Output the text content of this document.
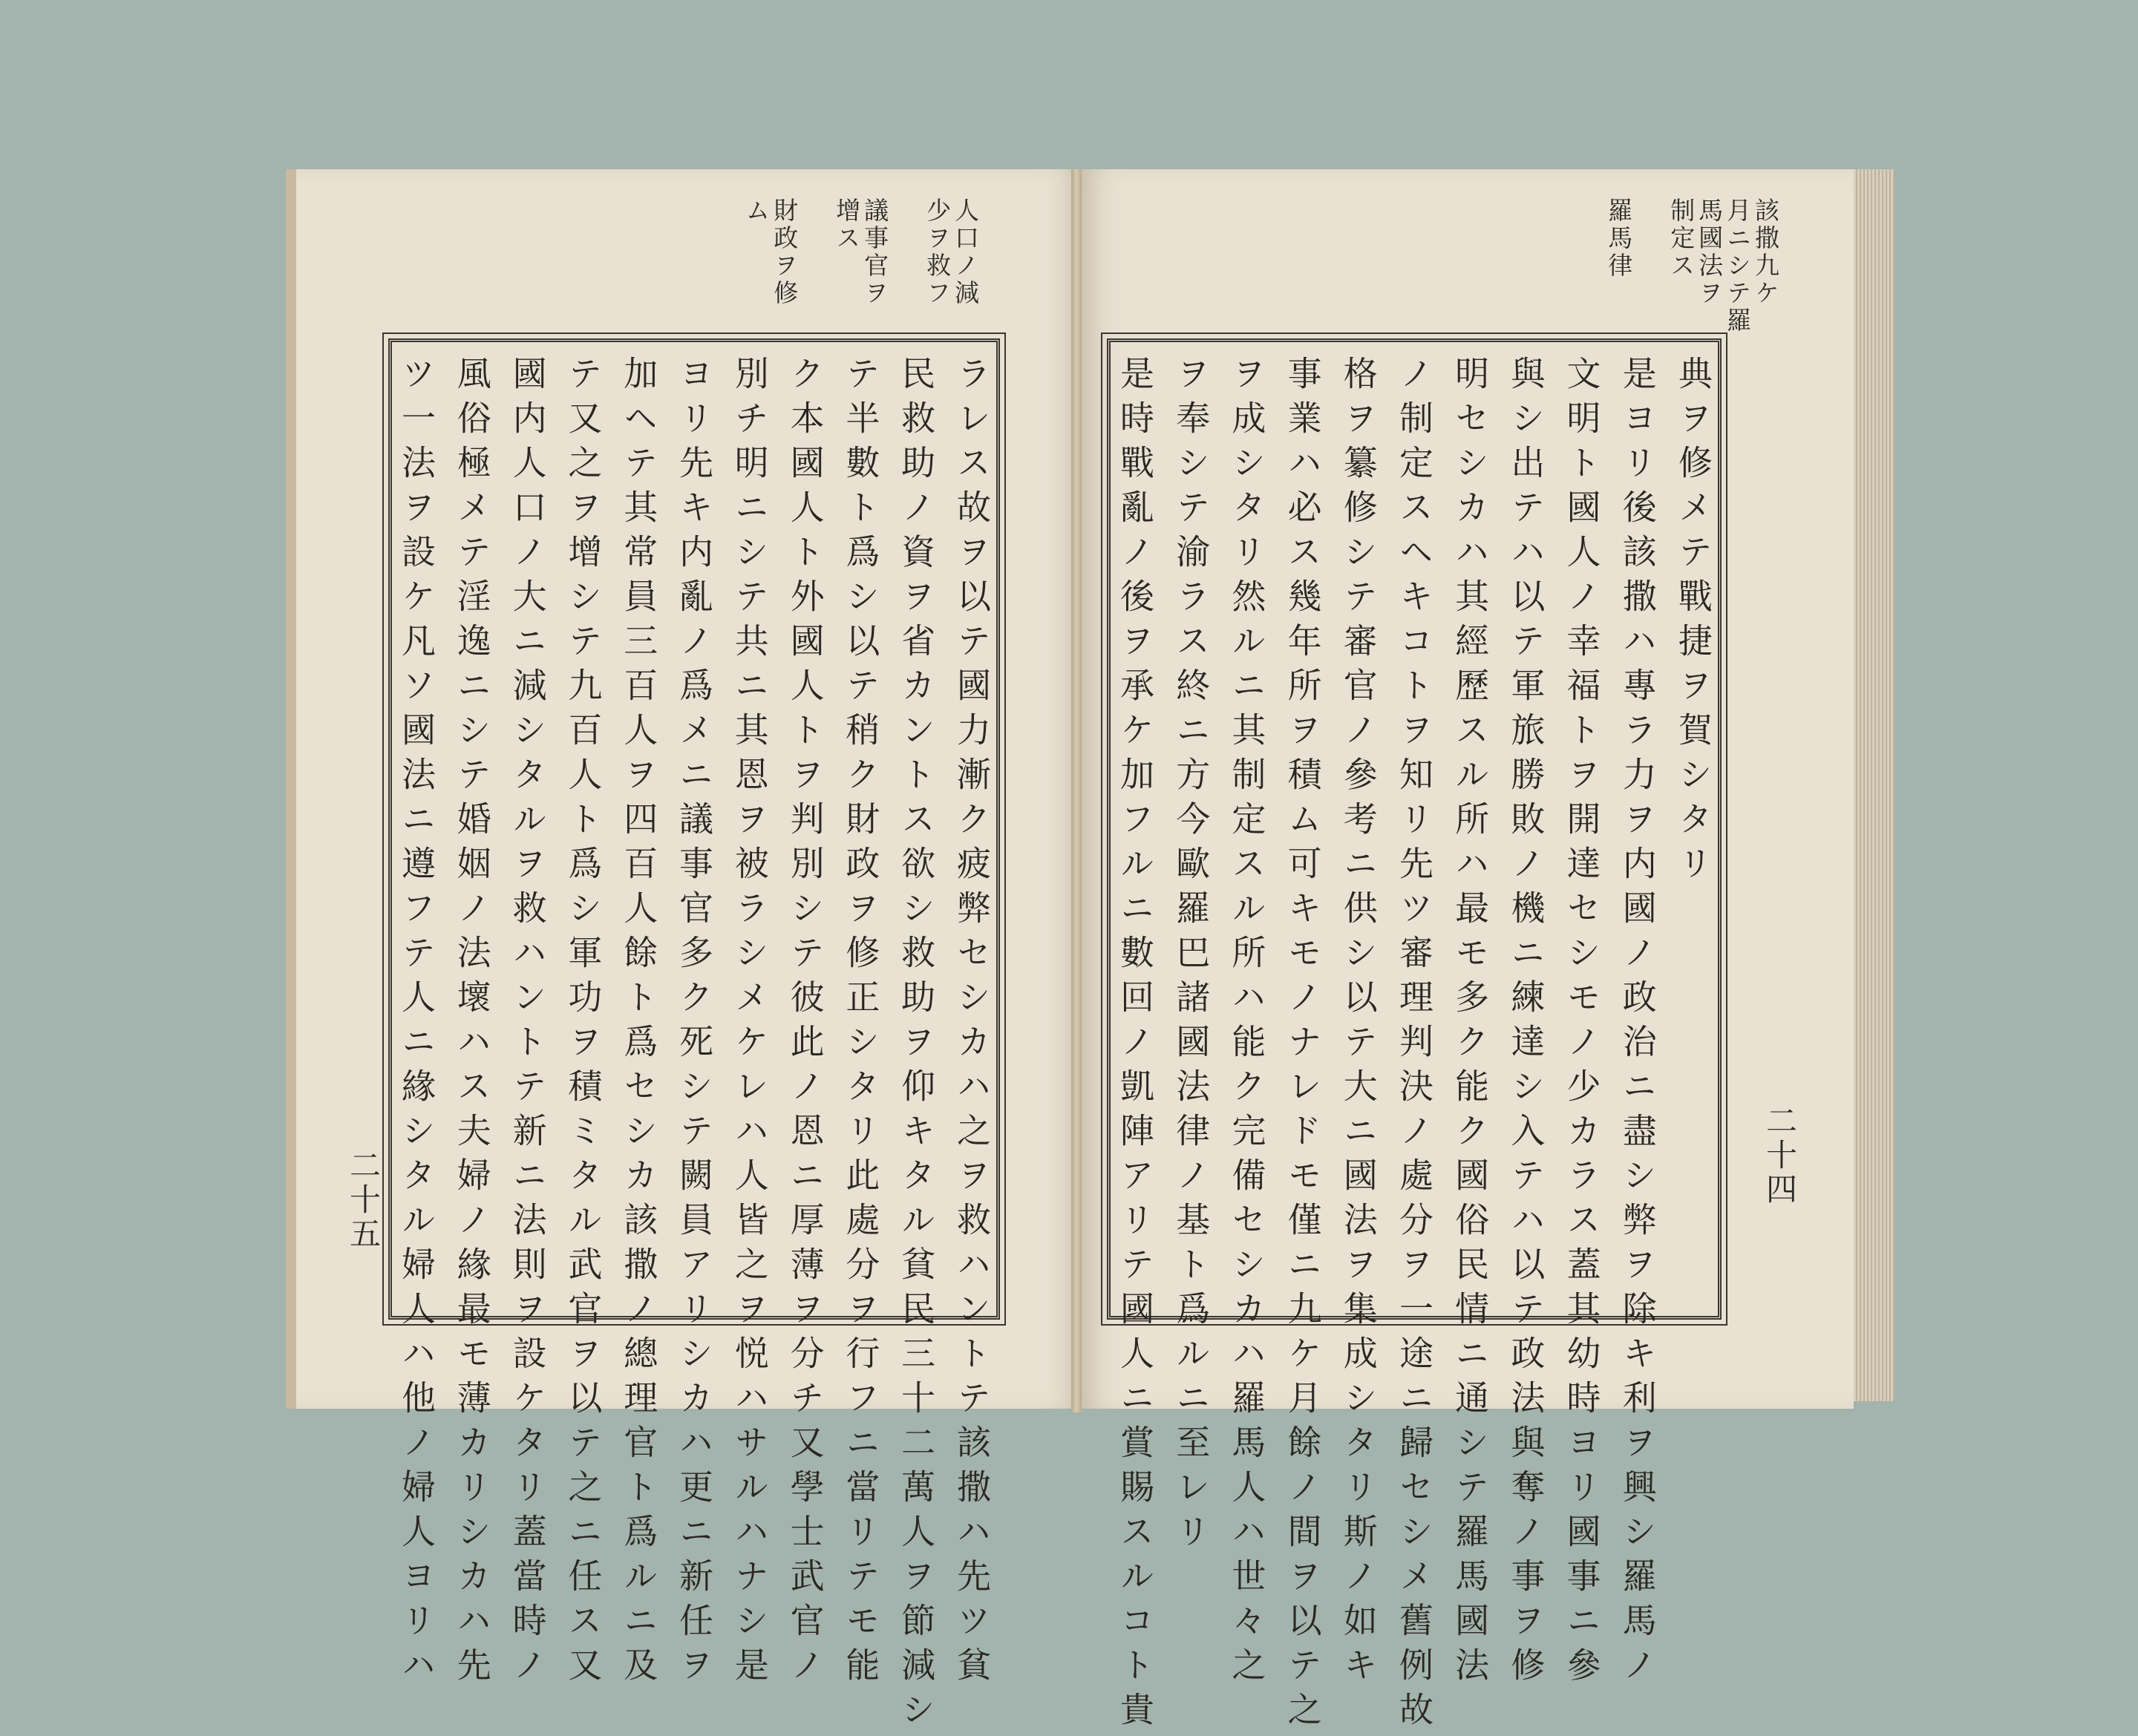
人口ノ減
少ヲ救フ
議事官ヲ
增ス
財政ヲ修
ム
ラレス故ヲ以テ國力漸ク疲弊セシカハ之ヲ救ハントテ該撒ハ先ツ貧
民救助ノ資ヲ省カントス欲シ救助ヲ仰キタル貧民三十二萬人ヲ節減シ
テ半數ト爲シ以テ稍ク財政ヲ修正シタリ此處分ヲ行フニ當リテモ能
ク本國人ト外國人トヲ判別シテ彼此ノ恩ニ厚薄ヲ分チ又學士武官ノ
別チ明ニシテ共ニ其恩ヲ被ラシメケレハ人皆之ヲ悦ハサルハナシ是
ヨリ先キ内亂ノ爲メニ議事官多ク死シテ闕員アリシカハ更ニ新任ヲ
加ヘテ其常員三百人ヲ四百人餘ト爲セシカ該撒ノ總理官ト爲ルニ及
テ又之ヲ增シテ九百人ト爲シ軍功ヲ積ミタル武官ヲ以テ之ニ任ス又
國内人口ノ大ニ減シタルヲ救ハントテ新ニ法則ヲ設ケタリ蓋當時ノ
風俗極メテ淫逸ニシテ婚姻ノ法壞ハス夫婦ノ緣最モ薄カリシカハ先
ツ一法ヲ設ケ凡ソ國法ニ遵フテ人ニ緣シタル婦人ハ他ノ婦人ヨリハ
二十五
該撒九ケ
月ニシテ羅
馬國法ヲ
制定ス
羅馬律
典ヲ修メテ戰捷ヲ賀シタリ
是ヨリ後該撒ハ專ラ力ヲ内國ノ政治ニ盡シ弊ヲ除キ利ヲ興シ羅馬ノ
文明ト國人ノ幸福トヲ開達セシモノ少カラス蓋其幼時ヨリ國事ニ參
與シ出テハ以テ軍旅勝敗ノ機ニ練達シ入テハ以テ政法與奪ノ事ヲ修
明セシカハ其經歷スル所ハ最モ多ク能ク國俗民情ニ通シテ羅馬國法
ノ制定スヘキコトヲ知リ先ツ審理判決ノ處分ヲ一途ニ歸セシメ舊例故
格ヲ纂修シテ審官ノ參考ニ供シ以テ大ニ國法ヲ集成シタリ斯ノ如キ
事業ハ必ス幾年所ヲ積ム可キモノナレドモ僅ニ九ケ月餘ノ間ヲ以テ之
ヲ成シタリ然ルニ其制定スル所ハ能ク完備セシカハ羅馬人ハ世々之
ヲ奉シテ渝ラス終ニ方今歐羅巴諸國法律ノ基ト爲ルニ至レリ
是時戰亂ノ後ヲ承ケ加フルニ數回ノ凱陣アリテ國人ニ賞賜スルコト貴	二十四
